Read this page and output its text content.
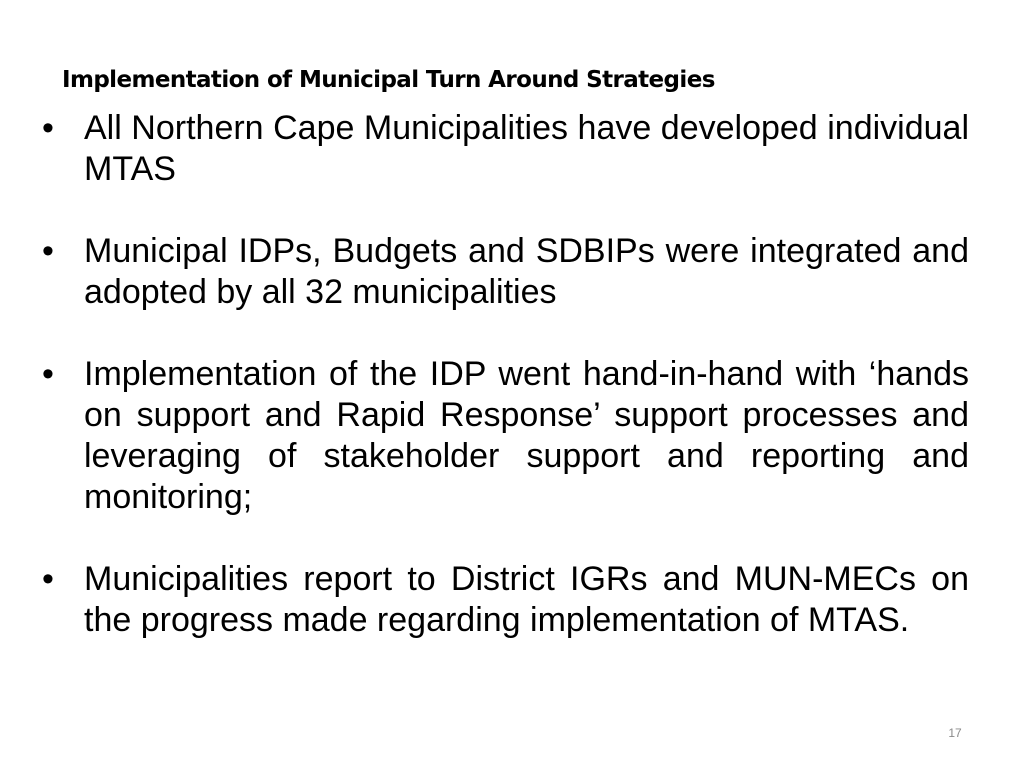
Implementation of Municipal Turn Around Strategies
• All Northern Cape Municipalities have developed individual MTAS
• Municipal IDPs, Budgets and SDBIPs were integrated and adopted by all 32 municipalities
• Implementation of the IDP went hand-in-hand with ‘hands on support and Rapid Response’ support processes and leveraging of stakeholder support and reporting and monitoring;
• Municipalities report to District IGRs and MUN-MECs on the progress made regarding implementation of MTAS.
17
